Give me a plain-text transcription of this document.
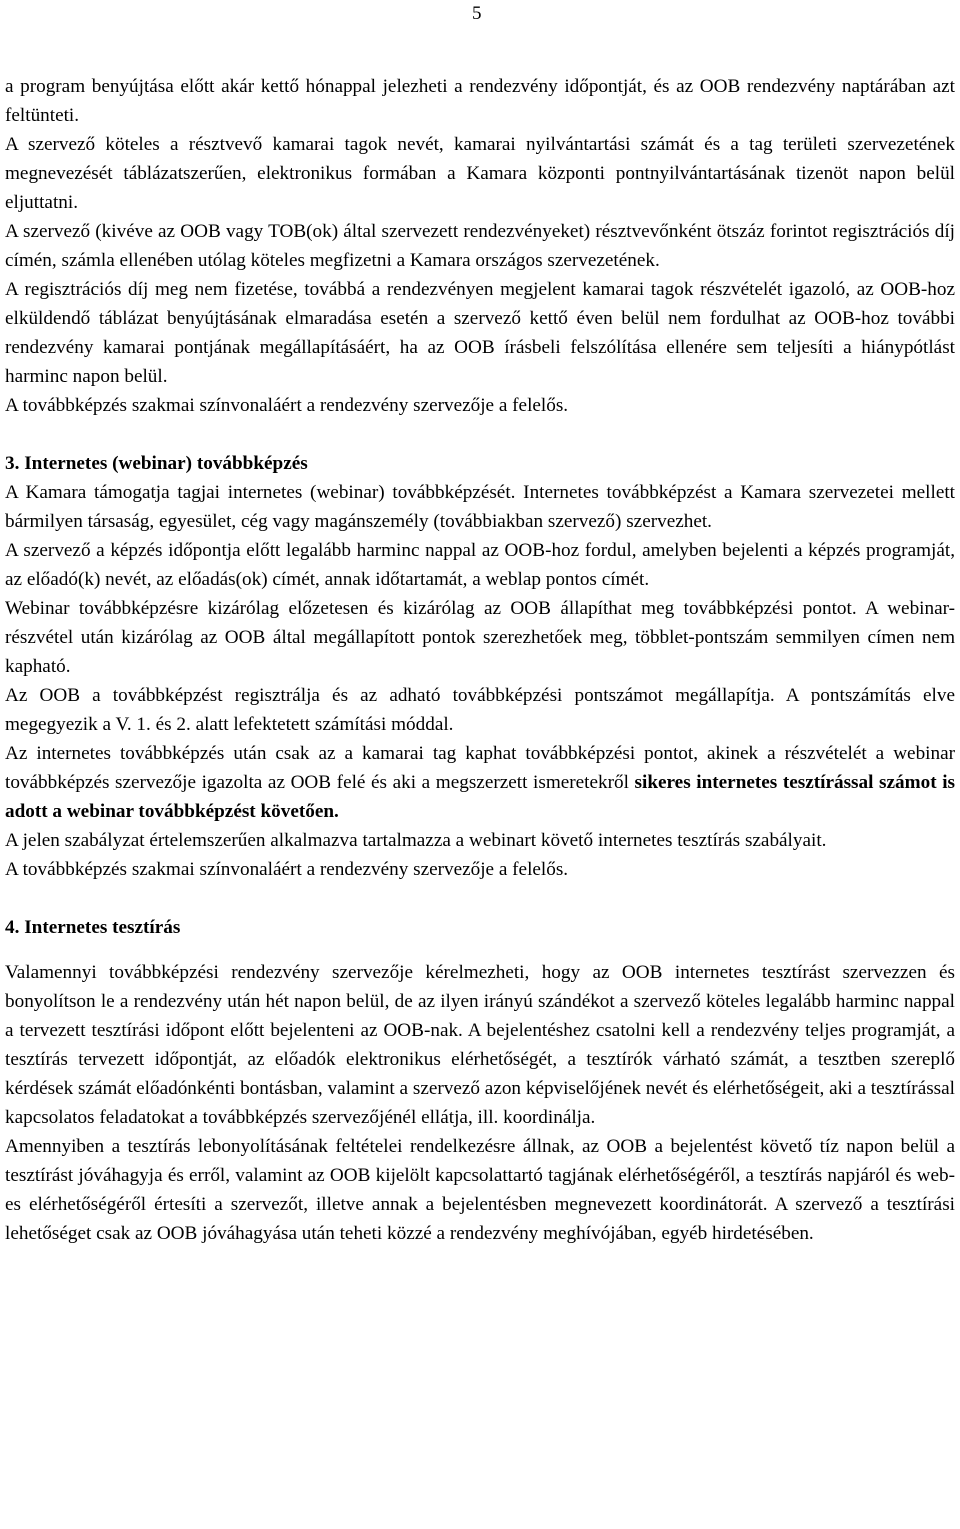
5

a program benyújtása előtt akár kettő hónappal jelezheti a rendezvény időpontját, és az OOB rendezvény naptárában azt feltünteti.

A szervező köteles a résztvevő kamarai tagok nevét, kamarai nyilvántartási számát és a tag területi szervezetének megnevezését táblázatszerűen, elektronikus formában a Kamara központi pontnyilvántartásának tizenöt napon belül eljuttatni.

A szervező (kivéve az OOB vagy TOB(ok) által szervezett rendezvényeket) résztvevőnként ötszáz forintot regisztrációs díj címén, számla ellenében utólag köteles megfizetni a Kamara országos szervezetének.

A regisztrációs díj meg nem fizetése, továbbá a rendezvényen megjelent kamarai tagok részvételét igazoló, az OOB-hoz elküldendő táblázat benyújtásának elmaradása esetén a szervező kettő éven belül nem fordulhat az OOB-hoz további rendezvény kamarai pontjának megállapításáért, ha az OOB írásbeli felszólítása ellenére sem teljesíti a hiánypótlást harminc napon belül.

A továbbképzés szakmai színvonaláért a rendezvény szervezője a felelős.

3. Internetes (webinar) továbbképzés

A Kamara támogatja tagjai internetes (webinar) továbbképzését. Internetes továbbképzést a Kamara szervezetei mellett bármilyen társaság, egyesület, cég vagy magánszemély (továbbiakban szervező) szervezhet.

A szervező a képzés időpontja előtt legalább harminc nappal az OOB-hoz fordul, amelyben bejelenti a képzés programját, az előadó(k) nevét, az előadás(ok) címét, annak időtartamát, a weblap pontos címét.

Webinar továbbképzésre kizárólag előzetesen és kizárólag az OOB állapíthat meg továbbképzési pontot. A webinar-részvétel után kizárólag az OOB által megállapított pontok szerezhetőek meg, többlet-pontszám semmilyen címen nem kapható.

Az OOB a továbbképzést regisztrálja és az adható továbbképzési pontszámot megállapítja. A pontszámítás elve megegyezik a V. 1. és 2. alatt lefektetett számítási móddal.

Az internetes továbbképzés után csak az a kamarai tag kaphat továbbképzési pontot, akinek a részvételét a webinar továbbképzés szervezője igazolta az OOB felé és aki a megszerzett ismeretekről sikeres internetes tesztírással számot is adott a webinar továbbképzést követően.

A jelen szabályzat értelemszerűen alkalmazva tartalmazza a webinart követő internetes tesztírás szabályait.

A továbbképzés szakmai színvonaláért a rendezvény szervezője a felelős.

4. Internetes tesztírás

Valamennyi továbbképzési rendezvény szervezője kérelmezheti, hogy az OOB internetes tesztírást szervezzen és bonyolítson le a rendezvény után hét napon belül, de az ilyen irányú szándékot a szervező köteles legalább harminc nappal a tervezett tesztírási időpont előtt bejelenteni az OOB-nak. A bejelentéshez csatolni kell a rendezvény teljes programját, a tesztírás tervezett időpontját, az előadók elektronikus elérhetőségét, a tesztírók várható számát, a tesztben szereplő kérdések számát előadónkénti bontásban, valamint a szervező azon képviselőjének nevét és elérhetőségeit, aki a tesztírással kapcsolatos feladatokat a továbbképzés szervezőjénél ellátja, ill. koordinálja.

Amennyiben a tesztírás lebonyolításának feltételei rendelkezésre állnak, az OOB a bejelentést követő tíz napon belül a tesztírást jóváhagyja és erről, valamint az OOB kijelölt kapcsolattartó tagjának elérhetőségéről, a tesztírás napjáról és web-es elérhetőségéről értesíti a szervezőt, illetve annak a bejelentésben megnevezett koordinátorát. A szervező a tesztírási lehetőséget csak az OOB jóváhagyása után teheti közzé a rendezvény meghívójában, egyéb hirdetésében.
